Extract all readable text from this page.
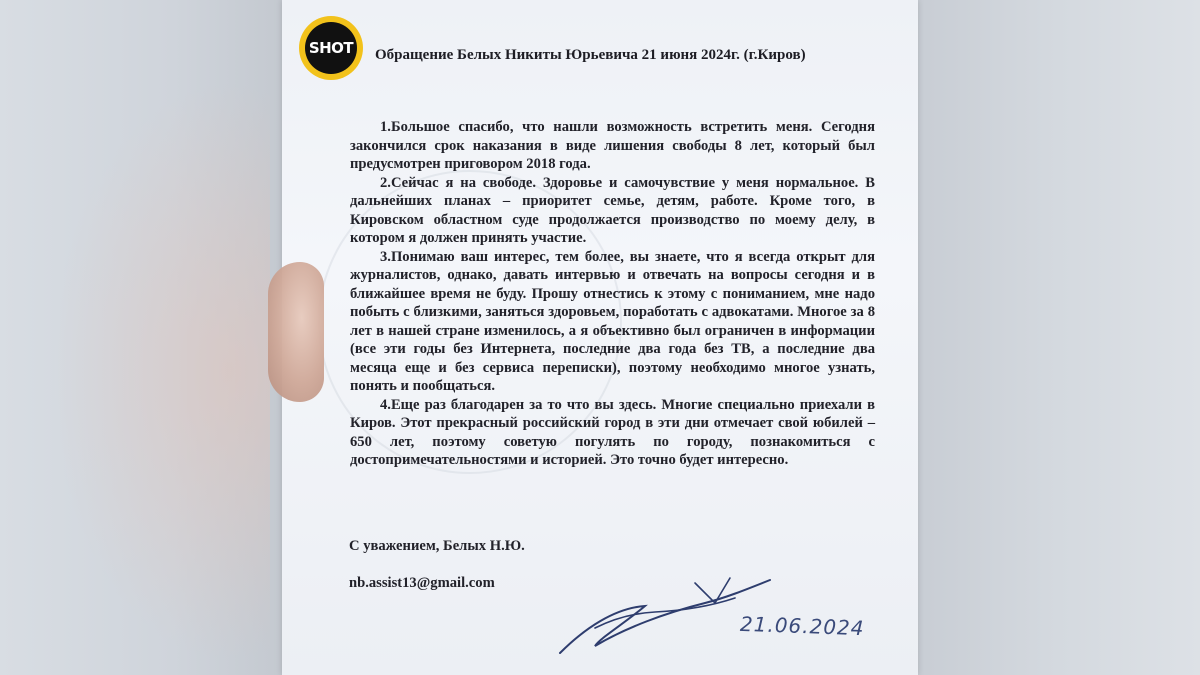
SHOT Обращение Белых Никиты Юрьевича 21 июня 2024г. (г.Киров)

1.Большое спасибо, что нашли возможность встретить меня. Сегодня закончился срок наказания в виде лишения свободы 8 лет, который был предусмотрен приговором 2018 года.

2.Сейчас я на свободе. Здоровье и самочувствие у меня нормальное. В дальнейших планах – приоритет семье, детям, работе. Кроме того, в Кировском областном суде продолжается производство по моему делу, в котором я должен принять участие.

3.Понимаю ваш интерес, тем более, вы знаете, что я всегда открыт для журналистов, однако, давать интервью и отвечать на вопросы сегодня и в ближайшее время не буду. Прошу отнестись к этому с пониманием, мне надо побыть с близкими, заняться здоровьем, поработать с адвокатами. Многое за 8 лет в нашей стране изменилось, а я объективно был ограничен в информации (все эти годы без Интернета, последние два года без ТВ, а последние два месяца еще и без сервиса переписки), поэтому необходимо многое узнать, понять и пообщаться.

4.Еще раз благодарен за то что вы здесь. Многие специально приехали в Киров. Этот прекрасный российский город в эти дни отмечает свой юбилей – 650 лет, поэтому советую погулять по городу, познакомиться с достопримечательностями и историей. Это точно будет интересно.

С уважением, Белых Н.Ю.
nb.assist13@gmail.com
21.06.2024
